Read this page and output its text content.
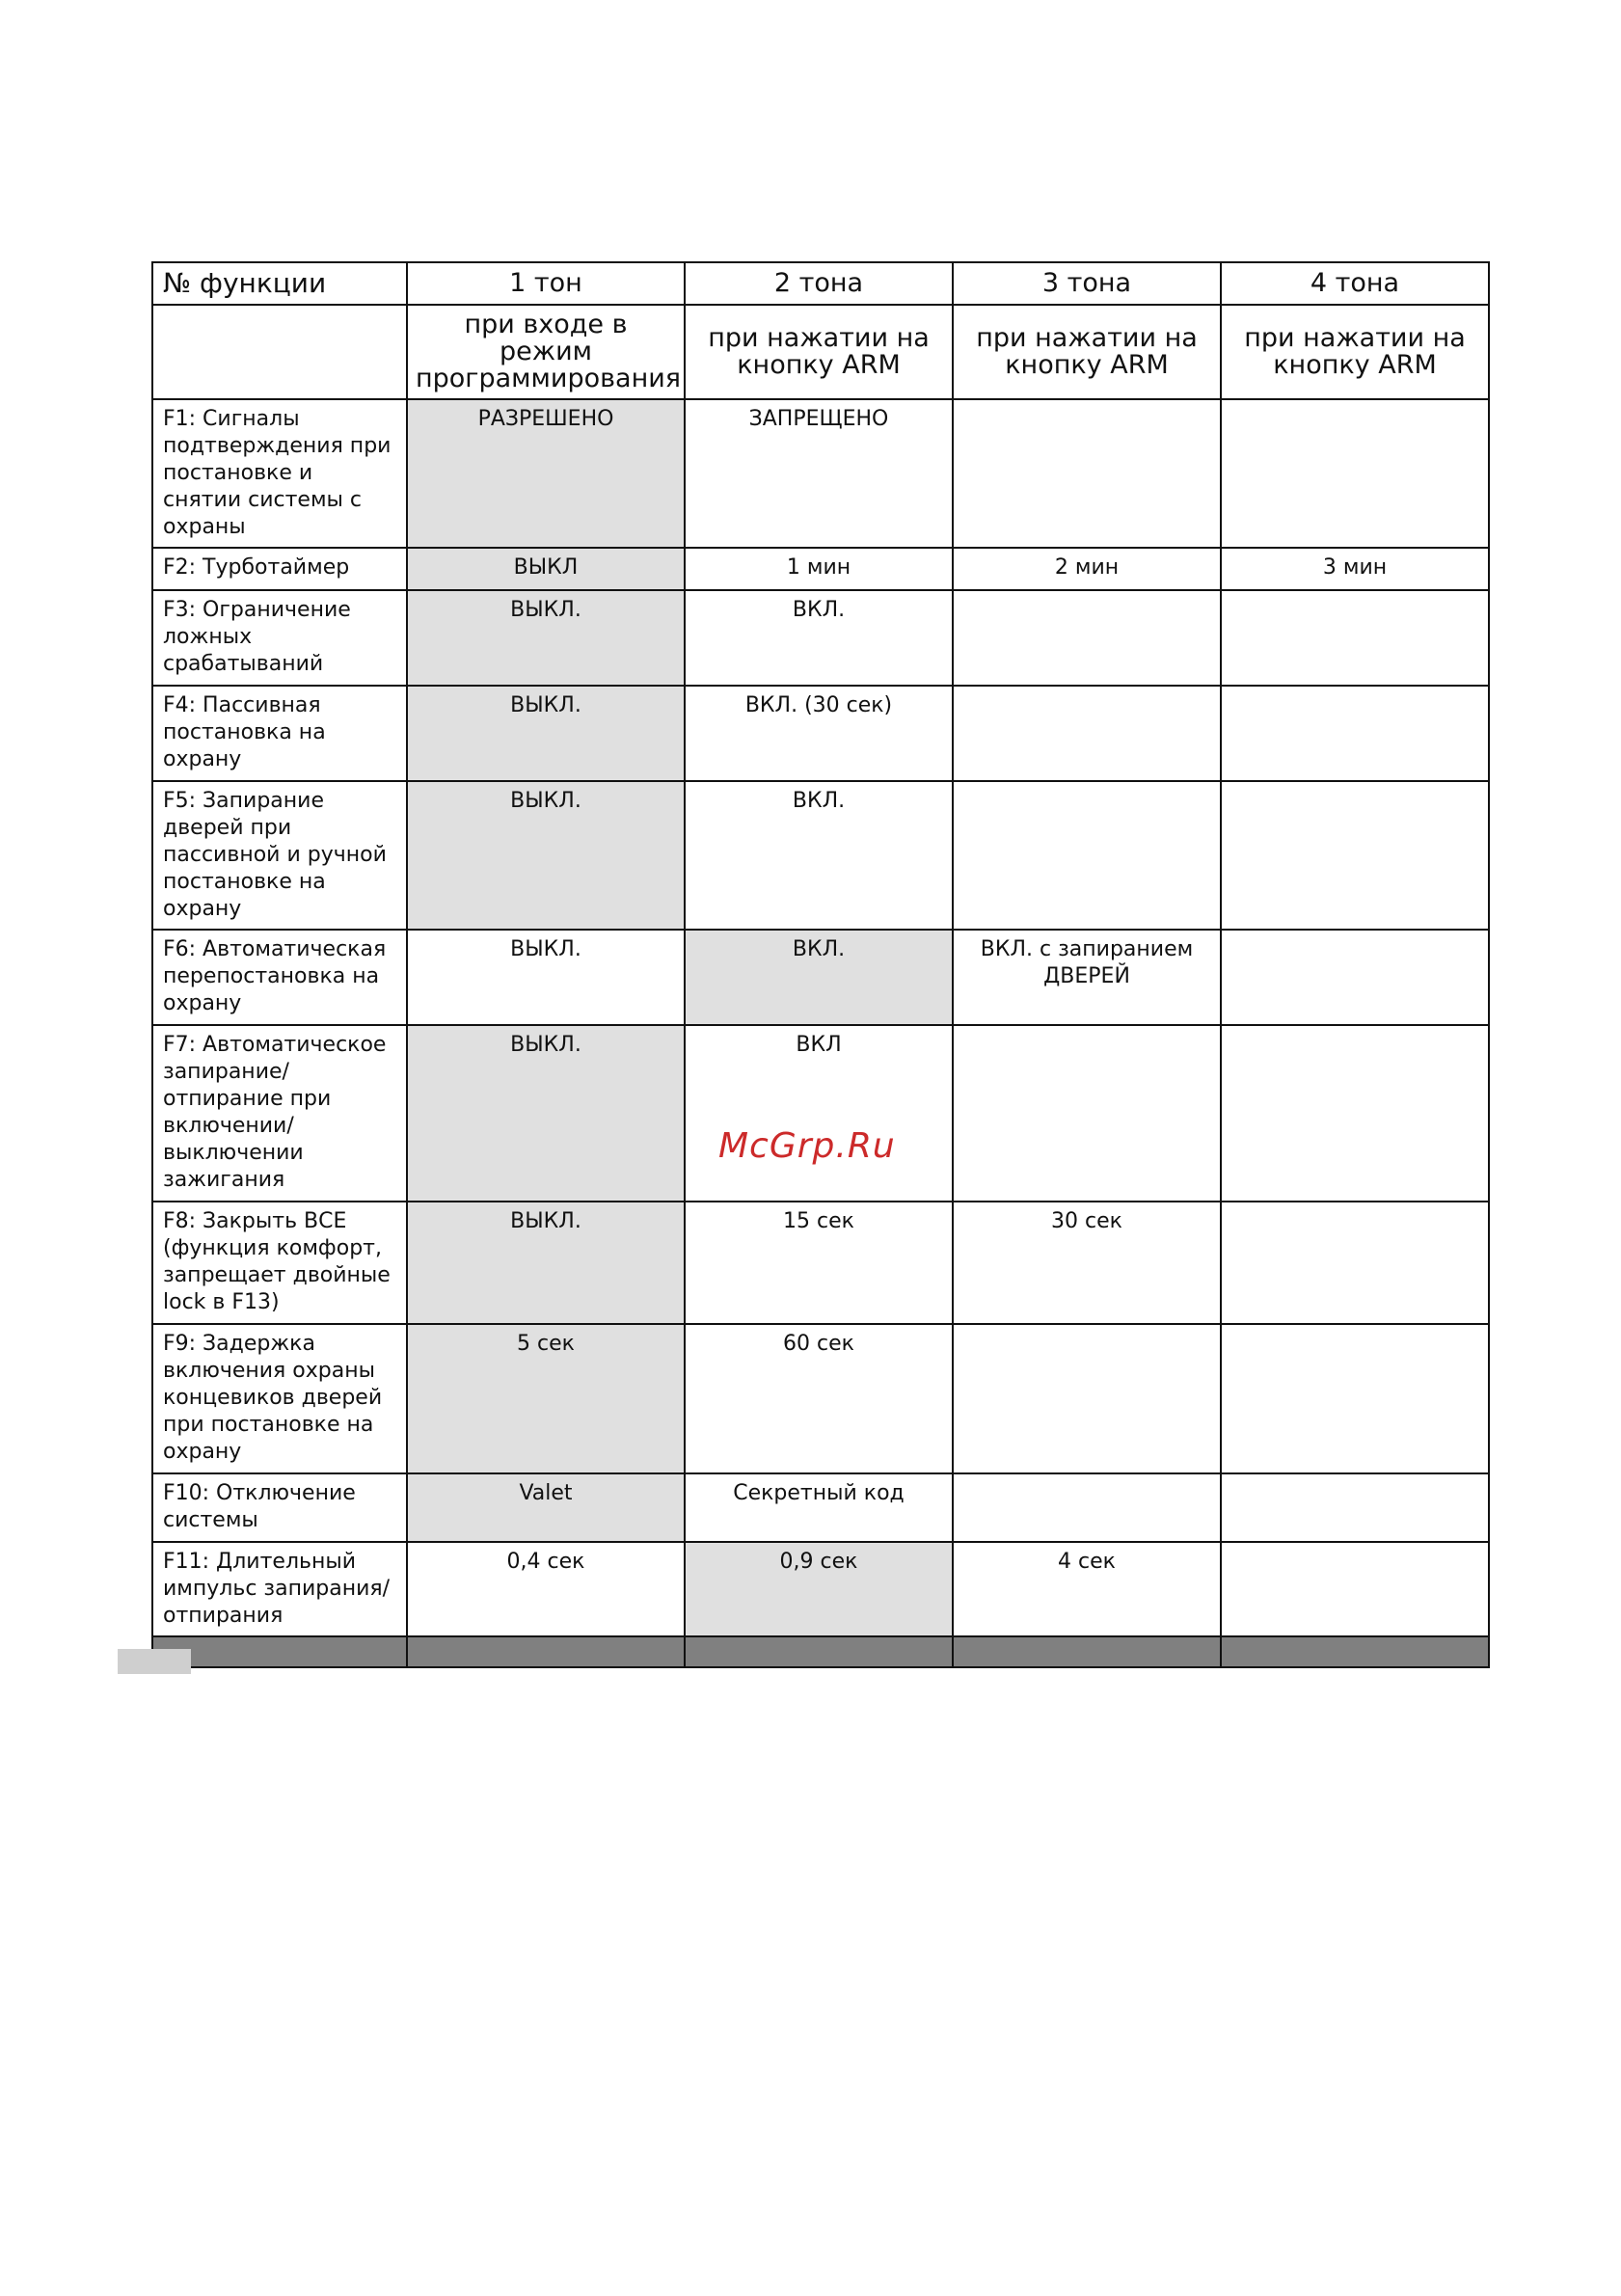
№ функции	1 тон	2 тона	3 тона	4 тона
	при входе в режим программирования	при нажатии на кнопку ARM	при нажатии на кнопку ARM	при нажатии на кнопку ARM
F1: Сигналы подтверждения при постановке и снятии системы с охраны	РАЗРЕШЕНО	ЗАПРЕЩЕНО		
F2: Турботаймер	ВЫКЛ	1 мин	2 мин	3 мин
F3: Ограничение ложных срабатываний	ВЫКЛ.	ВКЛ.		
F4: Пассивная постановка на охрану	ВЫКЛ.	ВКЛ. (30 сек)		
F5: Запирание дверей при пассивной и ручной постановке на охрану	ВЫКЛ.	ВКЛ.		
F6: Автоматическая перепостановка на охрану	ВЫКЛ.	ВКЛ.	ВКЛ. с запиранием ДВЕРЕЙ	
F7: Автоматическое запирание/ отпирание при включении/ выключении зажигания	ВЫКЛ.	ВКЛ		
F8: Закрыть ВСЕ (функция комфорт, запрещает двойные lock в F13)	ВЫКЛ.	15 сек	30 сек	
F9: Задержка включения охраны концевиков дверей при постановке на охрану	5 сек	60 сек		
F10: Отключение системы	Valet	Секретный код		
F11: Длительный импульс запирания/ отпирания	0,4 сек	0,9 сек	4 сек	

McGrp.Ru
